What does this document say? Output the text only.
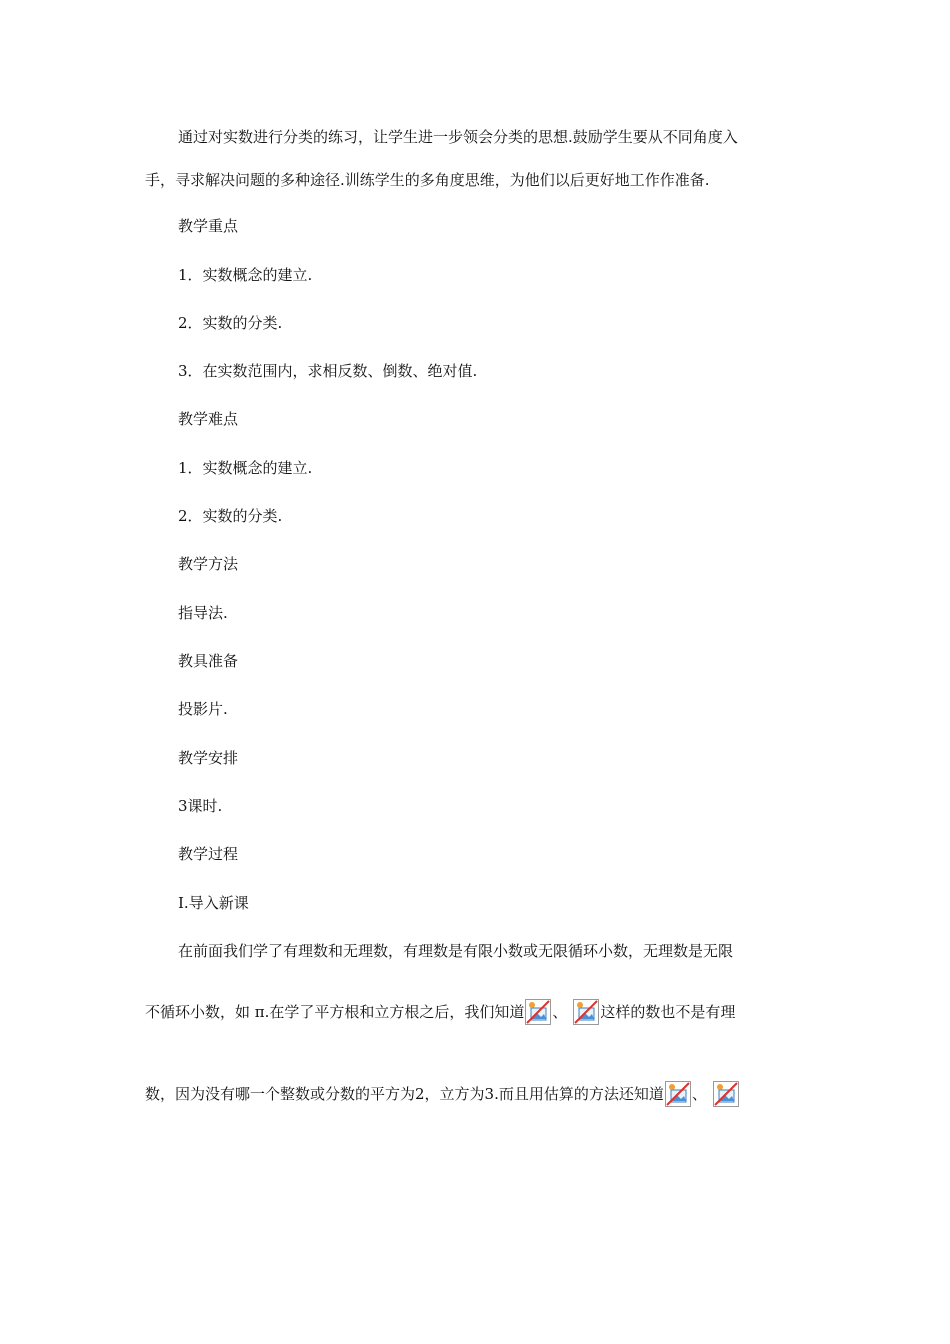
通过对实数进行分类的练习，让学生进一步领会分类的思想.鼓励学生要从不同角度入
手，寻求解决问题的多种途径.训练学生的多角度思维，为他们以后更好地工作作准备.
教学重点
1．实数概念的建立.
2．实数的分类.
3．在实数范围内，求相反数、倒数、绝对值.
教学难点
1．实数概念的建立.
2．实数的分类.
教学方法
指导法.
教具准备
投影片.
教学安排
3课时.
教学过程
Ⅰ.导入新课
在前面我们学了有理数和无理数，有理数是有限小数或无限循环小数，无理数是无限
不循环小数，如 π.在学了平方根和立方根之后，我们知道 、 这样的数也不是有理
数，因为没有哪一个整数或分数的平方为2，立方为3.而且用估算的方法还知道 、
